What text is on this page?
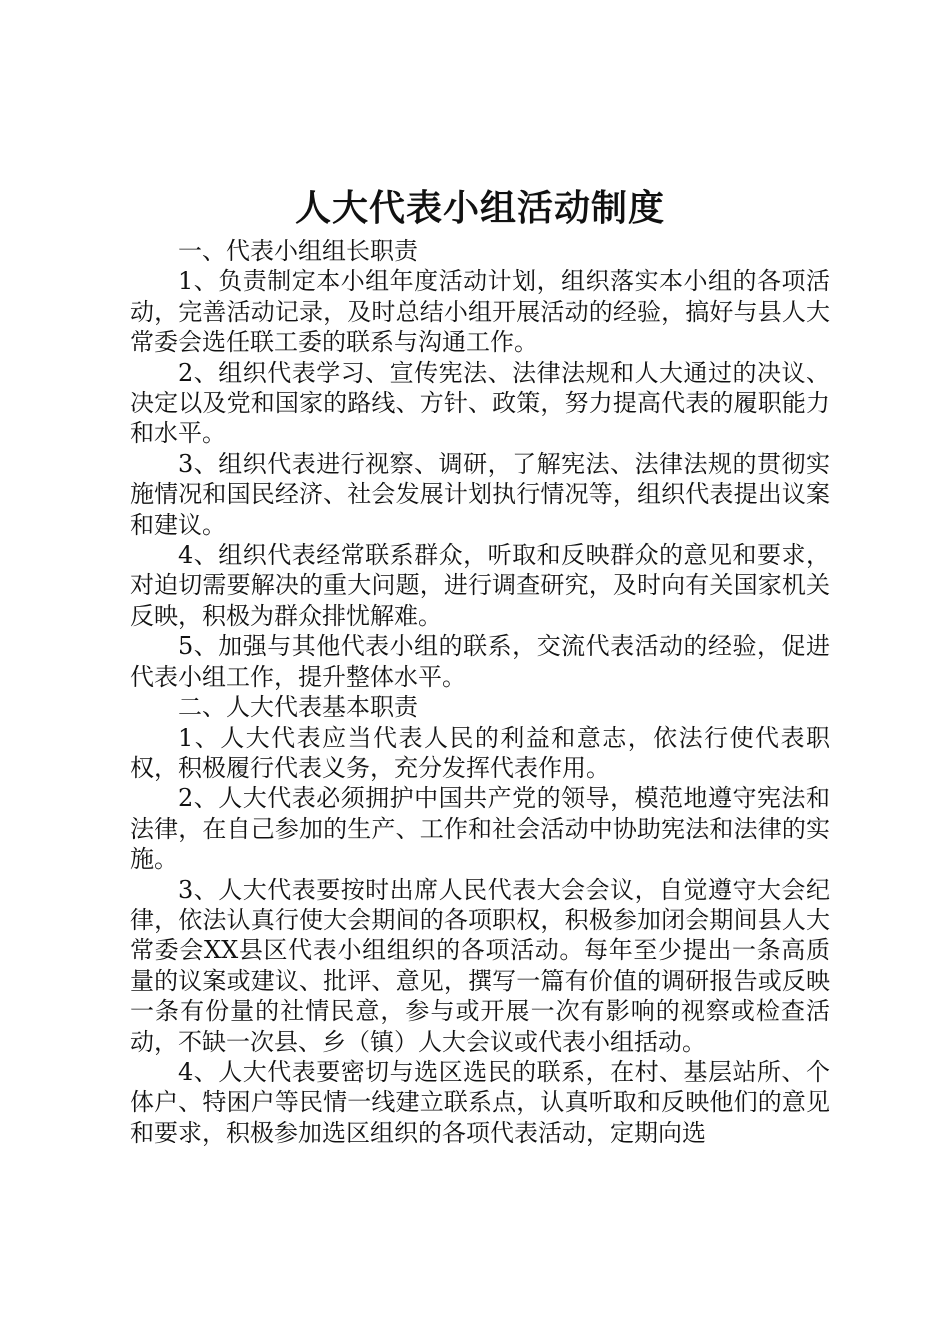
人大代表小组活动制度

一、代表小组组长职责

1、负责制定本小组年度活动计划，组织落实本小组的各项活动，完善活动记录，及时总结小组开展活动的经验，搞好与县人大常委会选任联工委的联系与沟通工作。

2、组织代表学习、宣传宪法、法律法规和人大通过的决议、决定以及党和国家的路线、方针、政策，努力提高代表的履职能力和水平。

3、组织代表进行视察、调研，了解宪法、法律法规的贯彻实施情况和国民经济、社会发展计划执行情况等，组织代表提出议案和建议。

4、组织代表经常联系群众，听取和反映群众的意见和要求，对迫切需要解决的重大问题，进行调查研究，及时向有关国家机关反映，积极为群众排忧解难。

5、加强与其他代表小组的联系，交流代表活动的经验，促进代表小组工作，提升整体水平。

二、人大代表基本职责

1、人大代表应当代表人民的利益和意志，依法行使代表职权，积极履行代表义务，充分发挥代表作用。

2、人大代表必须拥护中国共产党的领导，模范地遵守宪法和法律，在自己参加的生产、工作和社会活动中协助宪法和法律的实施。

3、人大代表要按时出席人民代表大会会议，自觉遵守大会纪律，依法认真行使大会期间的各项职权，积极参加闭会期间县人大常委会XX县区代表小组组织的各项活动。每年至少提出一条高质量的议案或建议、批评、意见，撰写一篇有价值的调研报告或反映一条有份量的社情民意，参与或开展一次有影响的视察或检查活动，不缺一次县、乡（镇）人大会议或代表小组括动。

4、人大代表要密切与选区选民的联系，在村、基层站所、个体户、特困户等民情一线建立联系点，认真听取和反映他们的意见和要求，积极参加选区组织的各项代表活动，定期向选
